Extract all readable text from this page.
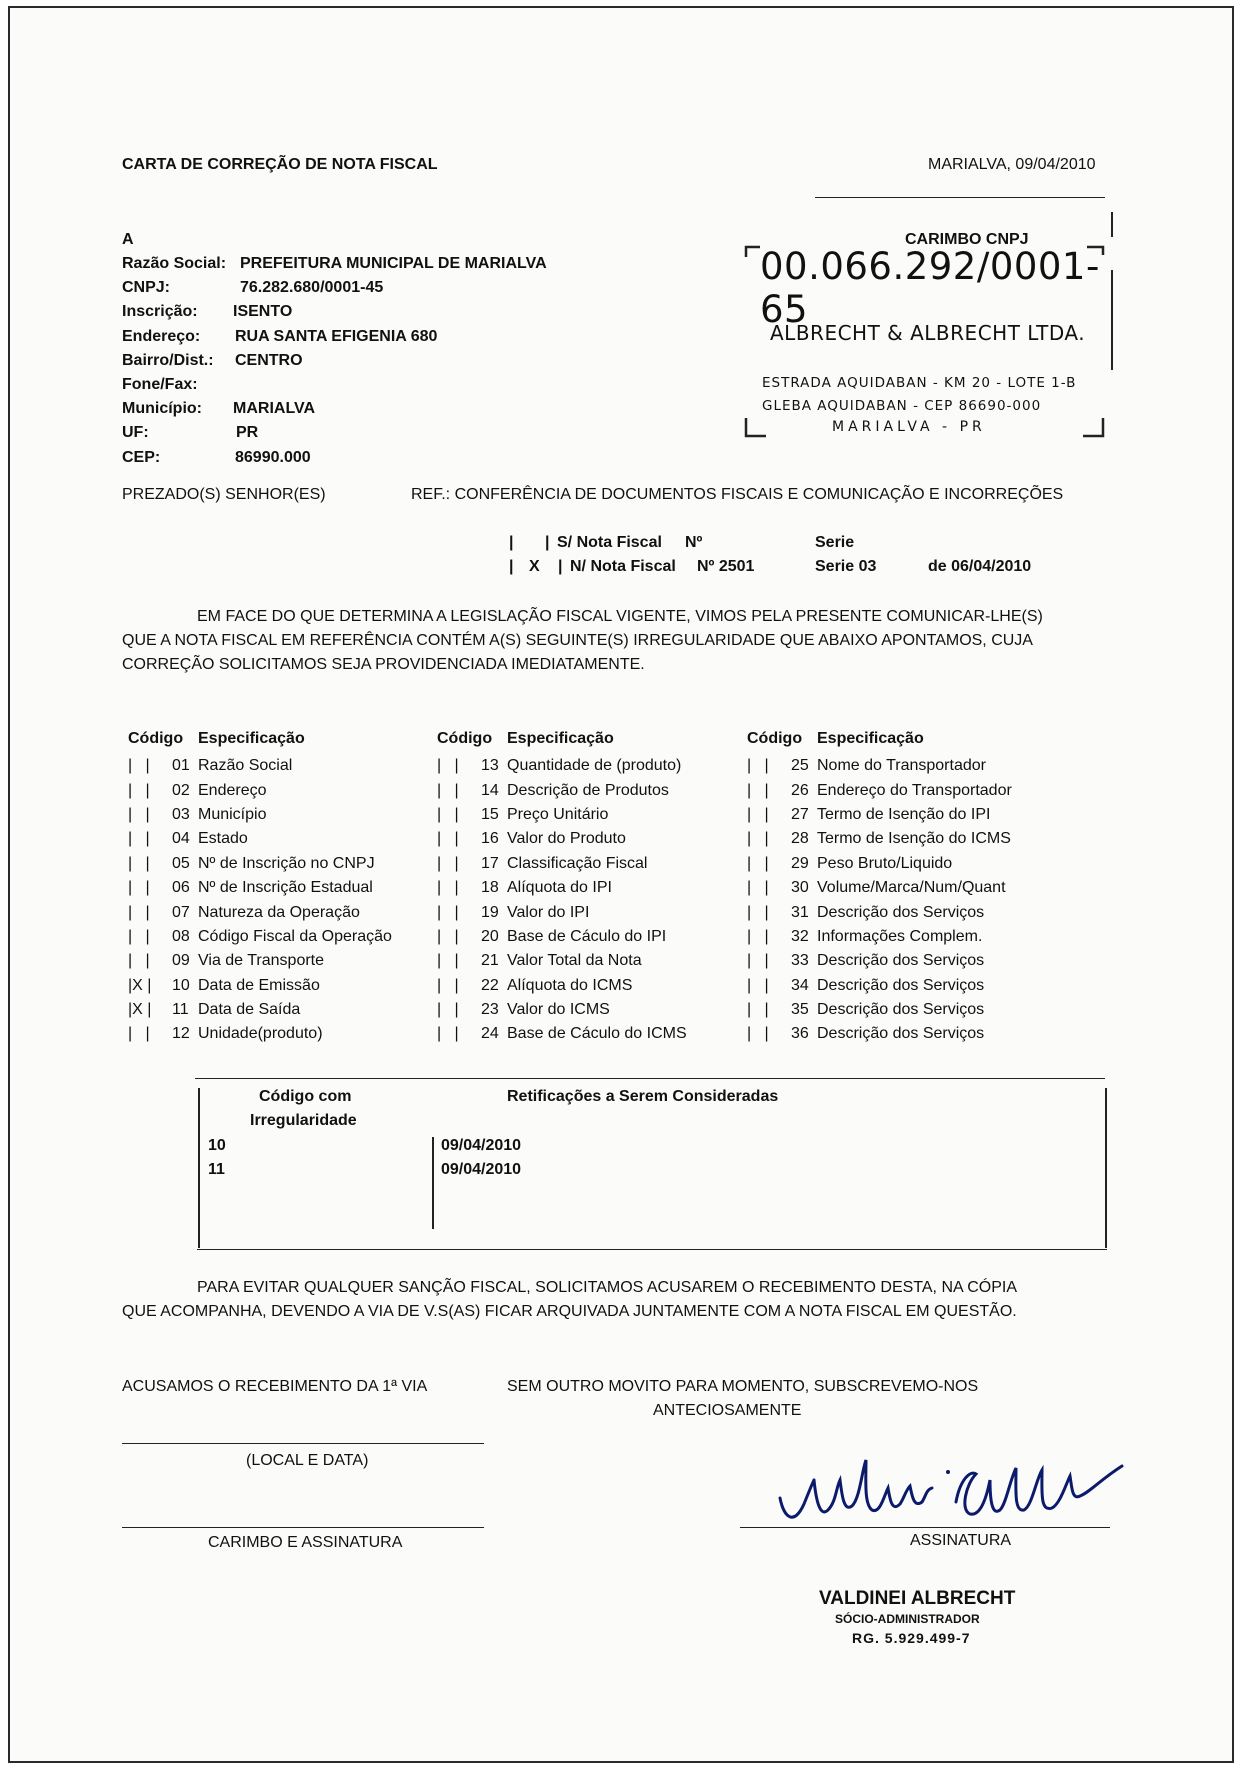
CARTA DE CORREÇÃO DE NOTA FISCAL	MARIALVA, 09/04/2010
A
Razão Social: PREFEITURA MUNICIPAL DE MARIALVA
CNPJ:	76.282.680/0001-45
Inscrição: ISENTO
Endereço: RUA SANTA EFIGENIA 680
Bairro/Dist.: CENTRO
Fone/Fax:
Município: MARIALVA
UF:	PR
CEP:	86990.000
CARIMBO CNPJ
00.066.292/0001-65
ALBRECHT & ALBRECHT LTDA.
ESTRADA AQUIDABAN - KM 20 - LOTE 1-B
GLEBA AQUIDABAN - CEP 86690-000
MARIALVA - PR
PREZADO(S) SENHOR(ES)	REF.: CONFERÊNCIA DE DOCUMENTOS FISCAIS E COMUNICAÇÃO E INCORREÇÕES
| | S/ Nota Fiscal Nº	Serie
| X | N/ Nota Fiscal Nº 2501	Serie 03	de 06/04/2010
EM FACE DO QUE DETERMINA A LEGISLAÇÃO FISCAL VIGENTE, VIMOS PELA PRESENTE COMUNICAR-LHE(S)
QUE A NOTA FISCAL EM REFERÊNCIA CONTÉM A(S) SEGUINTE(S) IRREGULARIDADE QUE ABAIXO APONTAMOS, CUJA
CORREÇÃO SOLICITAMOS SEJA PROVIDENCIADA IMEDIATAMENTE.
Código Especificação
|   |	01 Razão Social
|   |	02 Endereço
|   |	03 Município
|   |	04 Estado
|   |	05 Nº de Inscrição no CNPJ
|   |	06 Nº de Inscrição Estadual
|   |	07 Natureza da Operação
|   |	08 Código Fiscal da Operação
|   |	09 Via de Transporte
|X |	10 Data de Emissão
|X |	11 Data de Saída
|   |	12 Unidade(produto)
Código Especificação
|   |	13 Quantidade de (produto)
|   |	14 Descrição de Produtos
|   |	15 Preço Unitário
|   |	16 Valor do Produto
|   |	17 Classificação Fiscal
|   |	18 Alíquota do IPI
|   |	19 Valor do IPI
|   |	20 Base de Cáculo do IPI
|   |	21 Valor Total da Nota
|   |	22 Alíquota do ICMS
|   |	23 Valor do ICMS
|   |	24 Base de Cáculo do ICMS
Código Especificação
|   |	25 Nome do Transportador
|   |	26 Endereço do Transportador
|   |	27 Termo de Isenção do IPI
|   |	28 Termo de Isenção do ICMS
|   |	29 Peso Bruto/Liquido
|   |	30 Volume/Marca/Num/Quant
|   |	31 Descrição dos Serviços
|   |	32 Informações Complem.
|   |	33 Descrição dos Serviços
|   |	34 Descrição dos Serviços
|   |	35 Descrição dos Serviços
|   |	36 Descrição dos Serviços
Código com
Irregularidade
Retificações a Serem Consideradas
10	09/04/2010
11	09/04/2010
PARA EVITAR QUALQUER SANÇÃO FISCAL, SOLICITAMOS ACUSAREM O RECEBIMENTO DESTA, NA CÓPIA
QUE ACOMPANHA, DEVENDO A VIA DE V.S(AS) FICAR ARQUIVADA JUNTAMENTE COM A NOTA FISCAL EM QUESTÃO.
ACUSAMOS O RECEBIMENTO DA 1ª VIA
(LOCAL E DATA)
CARIMBO E ASSINATURA
SEM OUTRO MOVITO PARA MOMENTO, SUBSCREVEMO-NOS
ANTECIOSAMENTE
ASSINATURA
VALDINEI ALBRECHT
SÓCIO-ADMINISTRADOR
RG. 5.929.499-7
